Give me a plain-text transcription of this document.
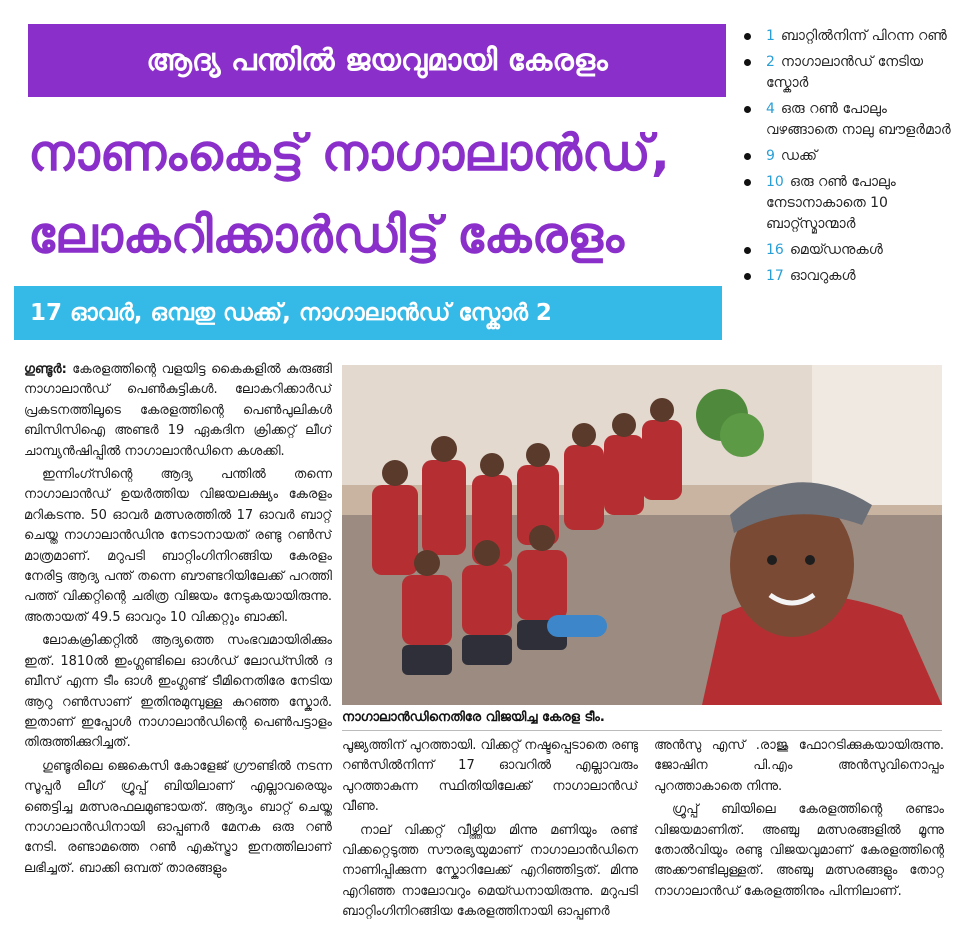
ആദ്യ പന്തിൽ ജയവുമായി കേരളം
നാണംകെട്ട് നാഗാലാൻഡ്,
ലോകറിക്കാർഡിട്ട് കേരളം
17 ഓവർ, ഒമ്പതു ഡക്ക്, നാഗാലാൻഡ് സ്കോർ 2
1 ബാറ്റിൽനിന്ന് പിറന്ന റൺ
2 നാഗാലാൻഡ് നേടിയ സ്കോർ
4 ഒരു റൺ പോലും വഴങ്ങാതെ നാലു ബൗളർമാർ
9 ഡക്ക്
10 ഒരു റൺ പോലും നേടാനാകാതെ 10 ബാറ്റ്സ്മാന്മാർ
16 മെയ്ഡനുകൾ
17 ഓവറുകൾ

ഗുണ്ടൂർ: കേരളത്തിന്റെ വളയിട്ട കൈകളിൽ കുരുങ്ങി നാഗാലാൻഡ് പെൺകുട്ടികൾ. ലോകറിക്കാർഡ് പ്രകടനത്തിലൂടെ കേരളത്തിന്റെ പെൺപുലികൾ ബിസിസിഐ അണ്ടർ 19 ഏകദിന ക്രിക്കറ്റ് ലീഗ് ചാമ്പ്യൻഷിപ്പിൽ നാഗാലാൻഡിനെ കശക്കി.

ഇന്നിംഗ്സിന്റെ ആദ്യ പന്തിൽ തന്നെ നാഗാലാൻഡ് ഉയർത്തിയ വിജയലക്ഷ്യം കേരളം മറികടന്നു. 50 ഓവർ മത്സരത്തിൽ 17 ഓവർ ബാറ്റ് ചെയ്ത നാഗാലാൻഡിനു നേടാനായത് രണ്ടു റൺസ് മാത്രമാണ്. മറുപടി ബാറ്റിംഗിനിറങ്ങിയ കേരളം നേരിട്ട ആദ്യ പന്ത് തന്നെ ബൗണ്ടറിയിലേക്ക് പറത്തി പത്ത് വിക്കറ്റിന്റെ ചരിത്ര വിജയം നേടുകയായിരുന്നു. അതായത് 49.5 ഓവറും 10 വിക്കറ്റും ബാക്കി.

ലോകക്രിക്കറ്റിൽ ആദ്യത്തെ സംഭവമായിരിക്കും ഇത്. 1810ൽ ഇംഗ്ലണ്ടിലെ ഓൾഡ് ലോഡ്സിൽ ദ ബീസ് എന്ന ടീം ഓൾ ഇംഗ്ലണ്ട് ടീമിനെതിരേ നേടിയ ആറു റൺസാണ് ഇതിനുമുമ്പുള്ള കുറഞ്ഞ സ്കോർ. ഇതാണ് ഇപ്പോൾ നാഗാലാൻഡിന്റെ പെൺപട്ടാളം തിരുത്തിക്കുറിച്ചത്.

ഗുണ്ടൂരിലെ ജെകെസി കോളേജ് ഗ്രൗണ്ടിൽ നടന്ന സൂപ്പർ ലീഗ് ഗ്രൂപ്പ് ബിയിലാണ് എല്ലാവരെയും ഞെട്ടിച്ച മത്സരഫലമുണ്ടായത്. ആദ്യം ബാറ്റ് ചെയ്ത നാഗാലാൻഡിനായി ഓപ്പണർ മേനക ഒരു റൺ നേടി. രണ്ടാമത്തെ റൺ എക്സ്ട്രാ ഇനത്തിലാണ് ലഭിച്ചത്. ബാക്കി ഒമ്പത് താരങ്ങളും

നാഗാലാൻഡിനെതിരേ വിജയിച്ച കേരള ടീം.

പൂജ്യത്തിന് പുറത്തായി. വിക്കറ്റ് നഷ്ടപ്പെടാതെ രണ്ടു റൺസിൽനിന്ന് 17 ഓവറിൽ എല്ലാവരും പുറത്താകുന്ന സ്ഥിതിയിലേക്ക് നാഗാലാൻഡ് വീണു.

നാല് വിക്കറ്റ് വീഴ്ത്തിയ മിന്നു മണിയും രണ്ട് വിക്കറ്റെടുത്ത സൗരഭ്യയുമാണ് നാഗാലാൻഡിനെ നാണിപ്പിക്കുന്ന സ്കോറിലേക്ക് എറിഞ്ഞിട്ടത്. മിന്നു എറിഞ്ഞ നാലോവറും മെയ്ഡനായിരുന്നു. മറുപടി ബാറ്റിംഗിനിറങ്ങിയ കേരളത്തിനായി ഓപ്പണർ

അൻസു എസ് .രാജു ഫോറടിക്കുകയായിരുന്നു. ജോഷിന പി.എം അൻസുവിനൊപ്പം പുറത്താകാതെ നിന്നു.

ഗ്രൂപ്പ് ബിയിലെ കേരളത്തിന്റെ രണ്ടാം വിജയമാണിത്. അഞ്ചു മത്സരങ്ങളിൽ മൂന്നു തോൽവിയും രണ്ടു വിജയവുമാണ് കേരളത്തിന്റെ അക്കൗണ്ടിലുള്ളത്. അഞ്ചു മത്സരങ്ങളും തോറ്റ നാഗാലാൻഡ് കേരളത്തിനും പിന്നിലാണ്.
